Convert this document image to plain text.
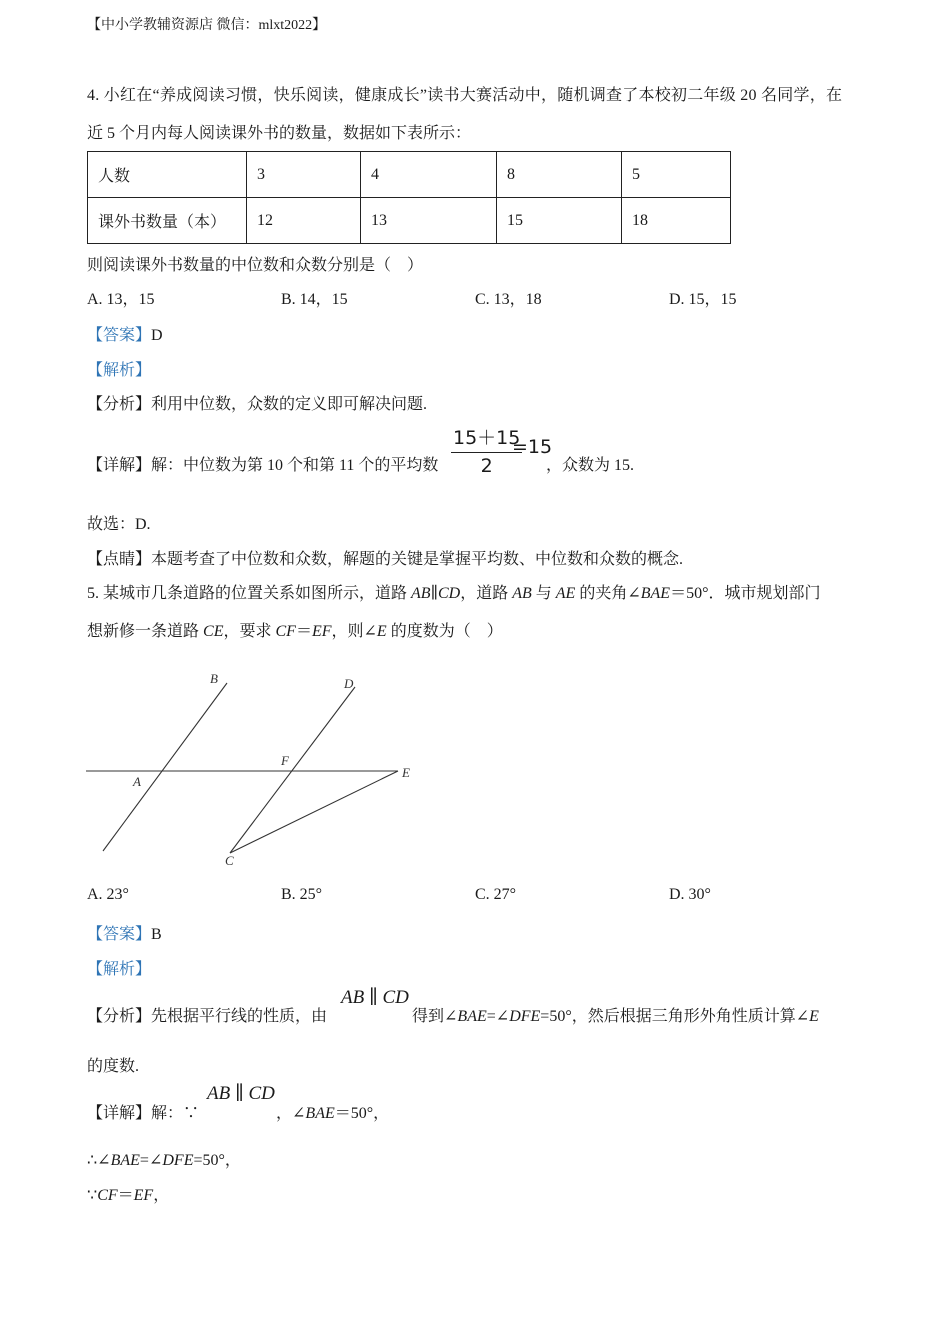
【中小学教辅资源店 微信：mlxt2022】
4. 小红在“养成阅读习惯，快乐阅读，健康成长”读书大赛活动中，随机调查了本校初二年级 20 名同学，在
近 5 个月内每人阅读课外书的数量，数据如下表所示：
人数	3	4	8	5
课外书数量（本）	12	13	15	18
则阅读课外书数量的中位数和众数分别是（　）
A. 13，15	B. 14，15	C. 13，18	D. 15，15
【答案】D
【解析】
【分析】利用中位数，众数的定义即可解决问题.
【详解】解：中位数为第 10 个和第 11 个的平均数
15＋15
2
=15
，众数为 15.
故选：D.
【点睛】本题考查了中位数和众数，解题的关键是掌握平均数、中位数和众数的概念.
5. 某城市几条道路的位置关系如图所示，道路 AB∥CD，道路 AB 与 AE 的夹角∠BAE＝50°．城市规划部门
想新修一条道路 CE，要求 CF＝EF，则∠E 的度数为（　）
B	D
A
F
E
C
A. 23°	B. 25°	C. 27°	D. 30°
【答案】B
【解析】
【分析】先根据平行线的性质，由
AB ∥ CD
得到∠BAE=∠DFE=50°，然后根据三角形外角性质计算∠E
的度数.
【详解】解：∵
AB ∥ CD
，∠BAE＝50°，
∴∠BAE=∠DFE=50°，
∵CF＝EF，
